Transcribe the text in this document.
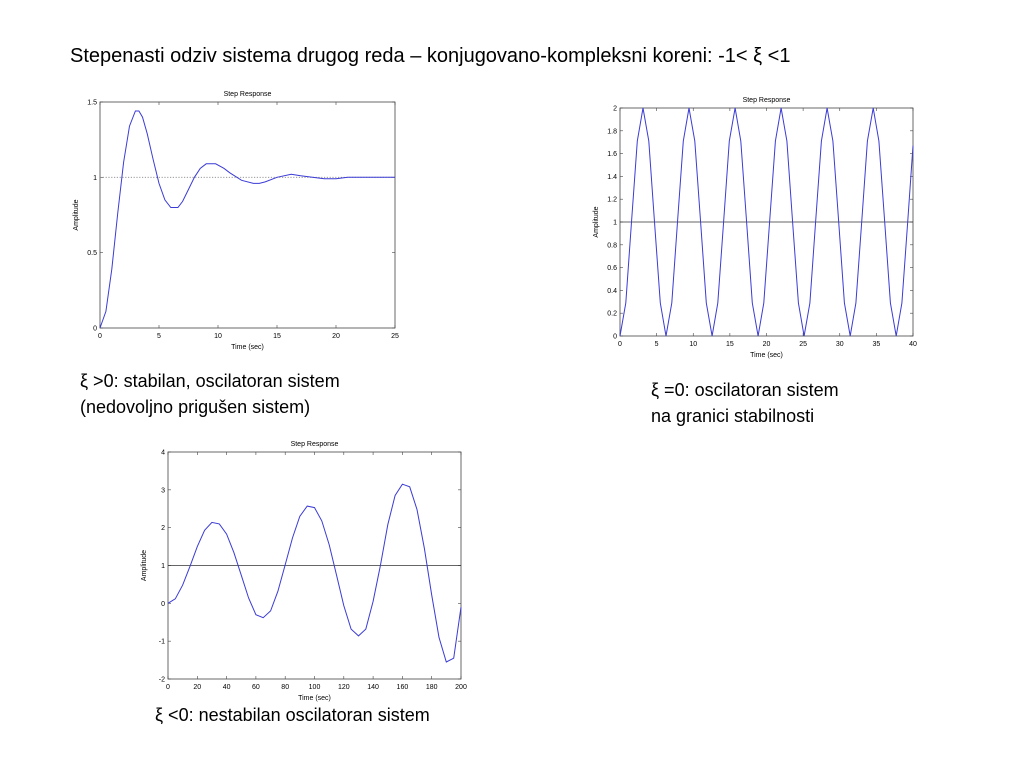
Stepenasti odziv sistema drugog reda – konjugovano-kompleksni koreni: -1< ξ <1
Step Response
0	5	10	15	20	25
0
0.5
1
1.5
Time (sec)
Amplitude
Step Response
0	5	10	15	20	25	30	35	40
0
0.2
0.4
0.6
0.8
1
1.2
1.4
1.6
1.8
2
Time (sec)
Amplitude
Step Response
0	20	40	60	80	100	120	140	160	180	200
-2
-1
0
1
2
3
4
Time (sec)
Amplitude
ξ >0: stabilan, oscilatoran sistem
(nedovoljno prigušen sistem)
ξ =0: oscilatoran sistem
na granici stabilnosti
ξ <0: nestabilan oscilatoran sistem
